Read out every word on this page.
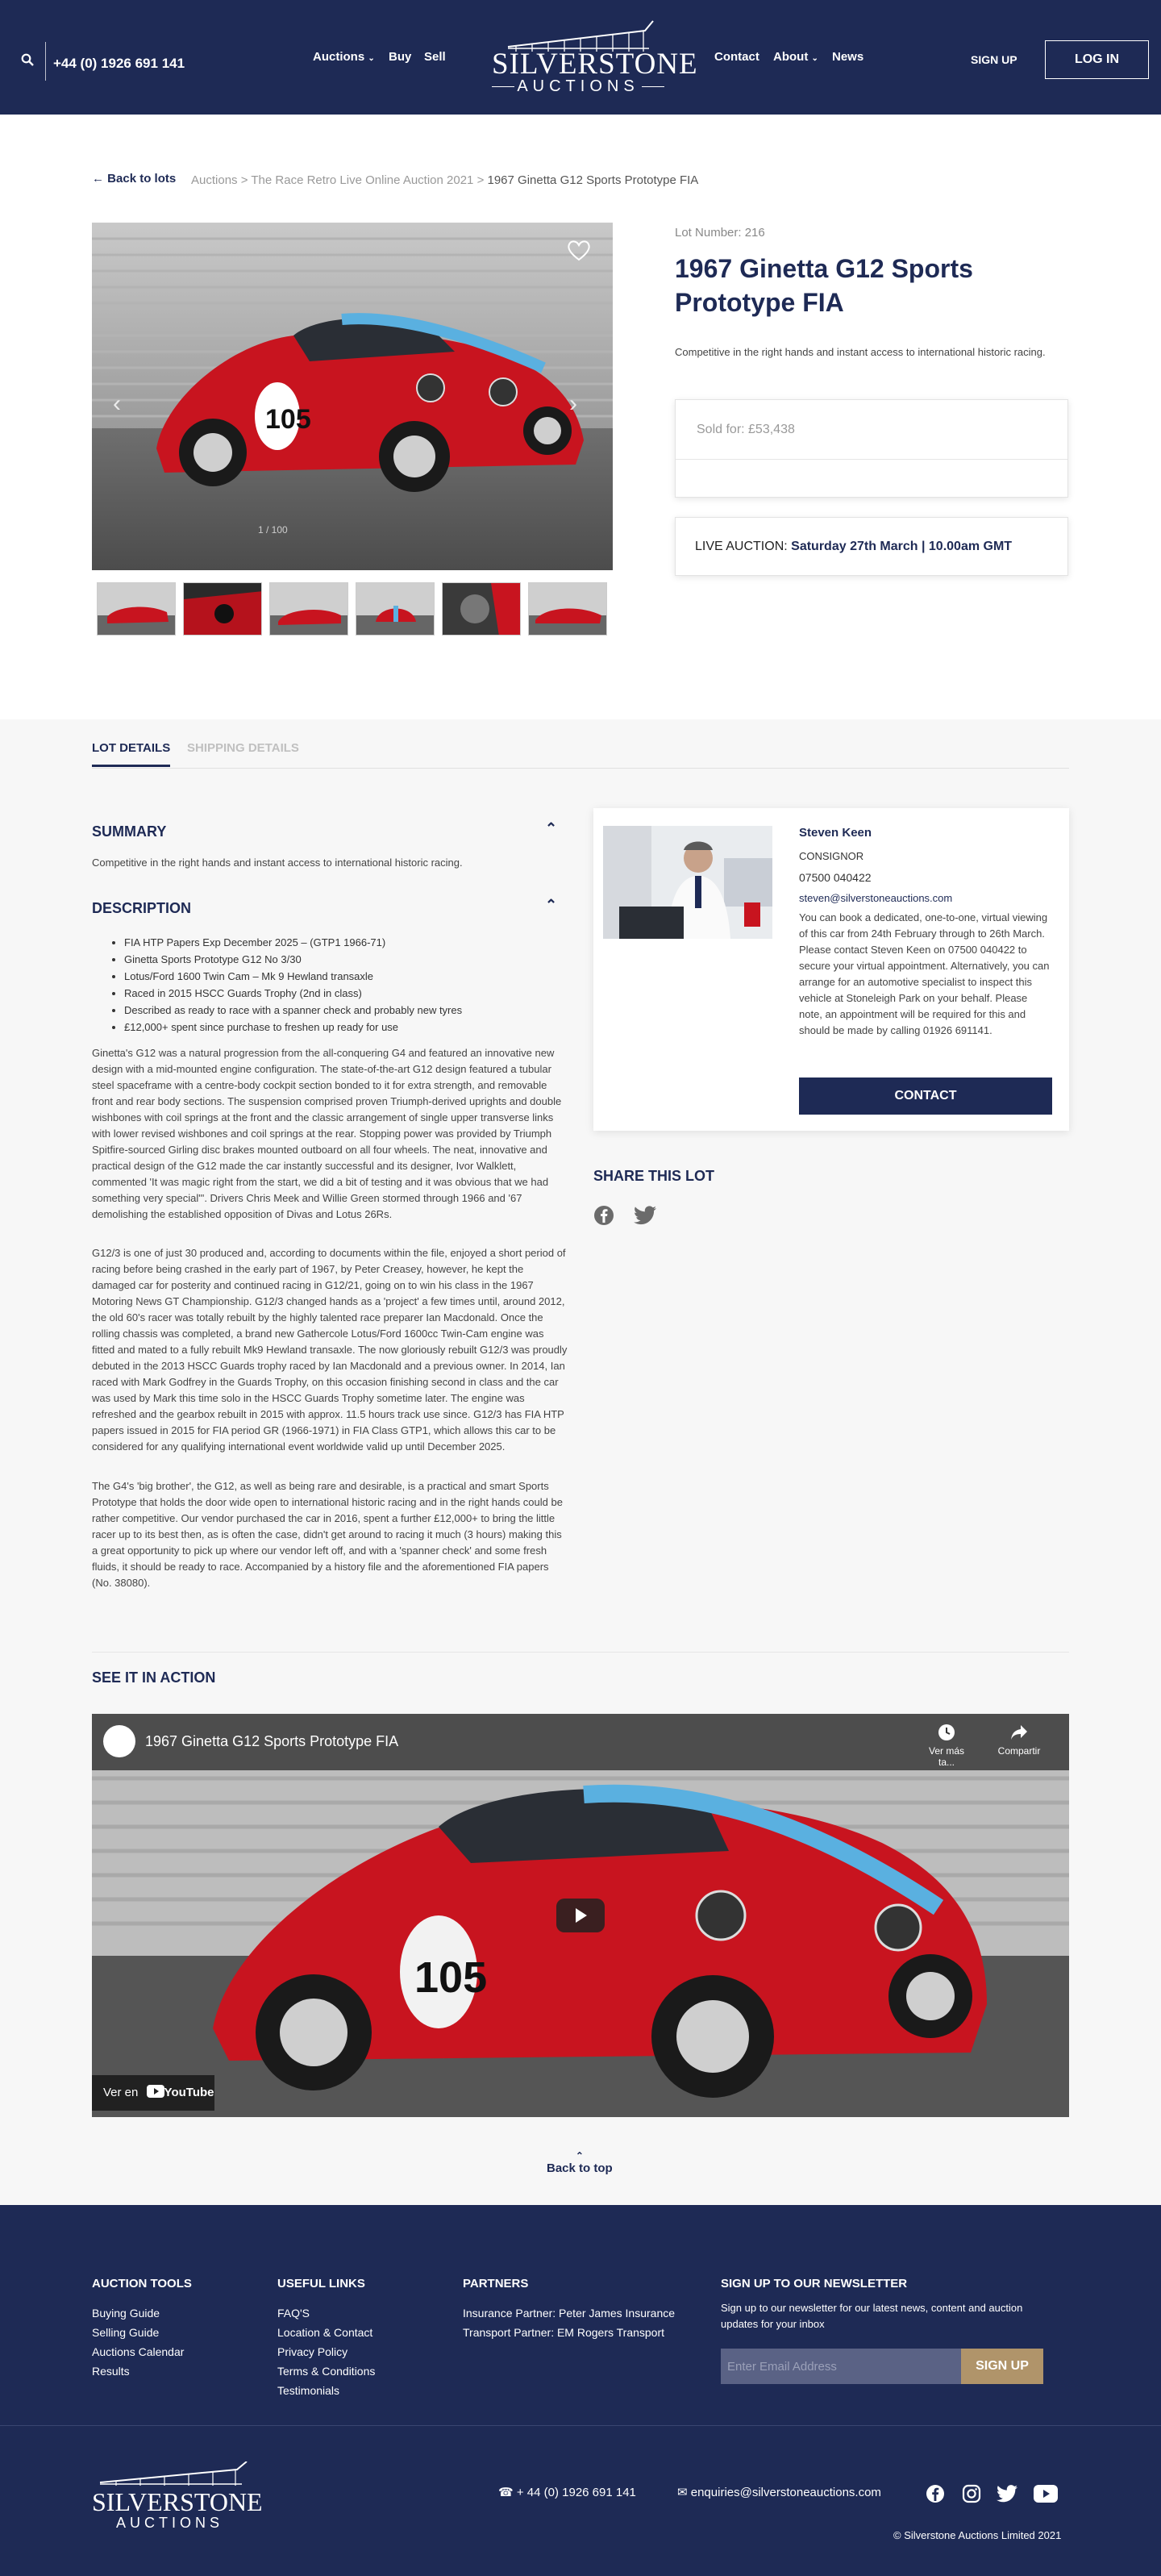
+44 (0) 1926 691 141	Auctions ⌄ Buy Sell SILVERSTONE
AUCTIONS
Contact About ⌄ News	SIGN UP	LOG IN
← Back to lots Auctions > The Race Retro Live Online Auction 2021 > 1967 Ginetta G12 Sports Prototype FIA
105
‹	›
1 / 100
Lot Number: 216
1967 Ginetta G12 Sports Prototype FIA
Competitive in the right hands and instant access to international historic racing.
Sold for: £53,438
LIVE AUCTION: Saturday 27th March | 10.00am GMT
LOT DETAILS SHIPPING DETAILS
SUMMARY	⌃
Competitive in the right hands and instant access to international historic racing.
DESCRIPTION	⌃
• FIA HTP Papers Exp December 2025 – (GTP1 1966-71)
• Ginetta Sports Prototype G12 No 3/30
• Lotus/Ford 1600 Twin Cam – Mk 9 Hewland transaxle
• Raced in 2015 HSCC Guards Trophy (2nd in class)
• Described as ready to race with a spanner check and probably new tyres
• £12,000+ spent since purchase to freshen up ready for use

Ginetta's G12 was a natural progression from the all-conquering G4 and featured an innovative new design with a mid-mounted engine configuration. The state-of-the-art G12 design featured a tubular steel spaceframe with a centre-body cockpit section bonded to it for extra strength, and removable front and rear body sections. The suspension comprised proven Triumph-derived uprights and double wishbones with coil springs at the front and the classic arrangement of single upper transverse links with lower revised wishbones and coil springs at the rear. Stopping power was provided by Triumph Spitfire-sourced Girling disc brakes mounted outboard on all four wheels. The neat, innovative and practical design of the G12 made the car instantly successful and its designer, Ivor Walklett, commented 'It was magic right from the start, we did a bit of testing and it was obvious that we had something very special"'. Drivers Chris Meek and Willie Green stormed through 1966 and '67 demolishing the established opposition of Divas and Lotus 26Rs.

G12/3 is one of just 30 produced and, according to documents within the file, enjoyed a short period of racing before being crashed in the early part of 1967, by Peter Creasey, however, he kept the damaged car for posterity and continued racing in G12/21, going on to win his class in the 1967 Motoring News GT Championship. G12/3 changed hands as a 'project' a few times until, around 2012, the old 60's racer was totally rebuilt by the highly talented race preparer Ian Macdonald. Once the rolling chassis was completed, a brand new Gathercole Lotus/Ford 1600cc Twin-Cam engine was fitted and mated to a fully rebuilt Mk9 Hewland transaxle. The now gloriously rebuilt G12/3 was proudly debuted in the 2013 HSCC Guards trophy raced by Ian Macdonald and a previous owner. In 2014, Ian raced with Mark Godfrey in the Guards Trophy, on this occasion finishing second in class and the car was used by Mark this time solo in the HSCC Guards Trophy sometime later. The engine was refreshed and the gearbox rebuilt in 2015 with approx. 11.5 hours track use since. G12/3 has FIA HTP papers issued in 2015 for FIA period GR (1966-1971) in FIA Class GTP1, which allows this car to be considered for any qualifying international event worldwide valid up until December 2025.

The G4's 'big brother', the G12, as well as being rare and desirable, is a practical and smart Sports Prototype that holds the door wide open to international historic racing and in the right hands could be rather competitive. Our vendor purchased the car in 2016, spent a further £12,000+ to bring the little racer up to its best then, as is often the case, didn't get around to racing it much (3 hours) making this a great opportunity to pick up where our vendor left off, and with a 'spanner check' and some fresh fluids, it should be ready to race. Accompanied by a history file and the aforementioned FIA papers (No. 38080).

Steven Keen
CONSIGNOR
07500 040422
steven@silverstoneauctions.com
You can book a dedicated, one-to-one, virtual viewing of this car from 24th February through to 26th March. Please contact Steven Keen on 07500 040422 to secure your virtual appointment. Alternatively, you can arrange for an automotive specialist to inspect this vehicle at Stoneleigh Park on your behalf. Please note, an appointment will be required for this and should be made by calling 01926 691141.
CONTACT
SHARE THIS LOT
SEE IT IN ACTION
105
1967 Ginetta G12 Sports Prototype FIA
Ver más ta...
Compartir
Ver en YouTube
⌃
Back to top
AUCTION TOOLS
Buying Guide
Selling Guide
Auctions Calendar
Results
USEFUL LINKS
FAQ'S
Location & Contact
Privacy Policy
Terms & Conditions
Testimonials
PARTNERS
Insurance Partner: Peter James Insurance
Transport Partner: EM Rogers Transport
SIGN UP TO OUR NEWSLETTER
Sign up to our newsletter for our latest news, content and auction updates for your inbox
Enter Email Address
SIGN UP
SILVERSTONE
AUCTIONS
☎ + 44 (0) 1926 691 141	✉ enquiries@silverstoneauctions.com
© Silverstone Auctions Limited 2021
